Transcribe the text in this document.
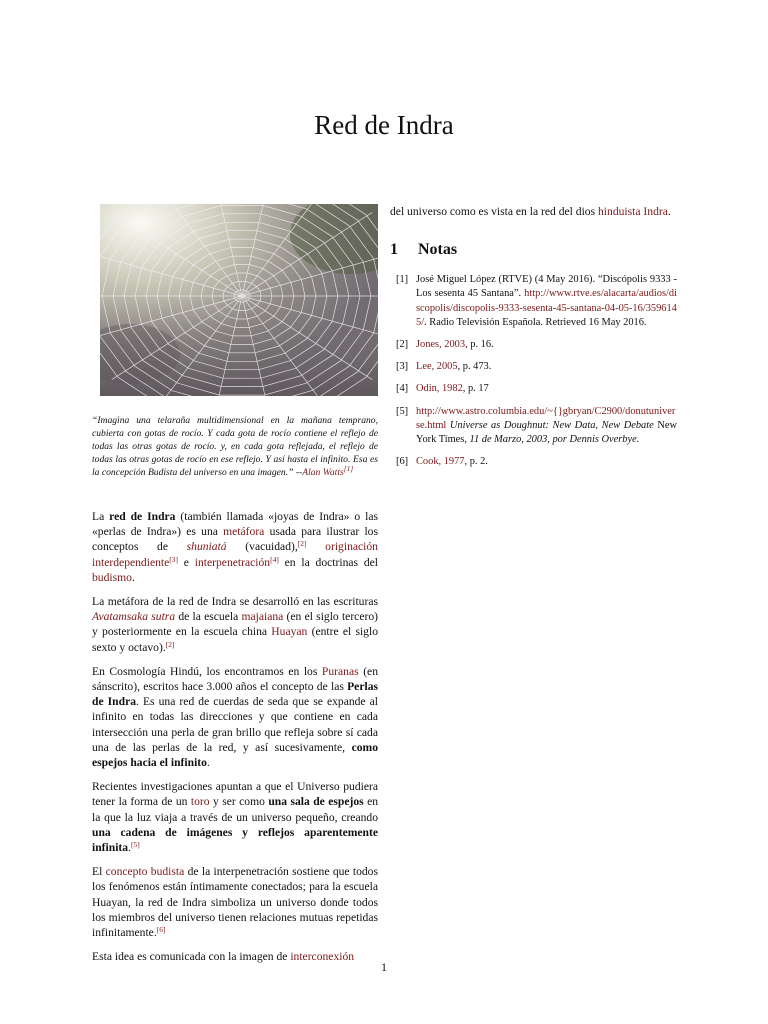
Red de Indra

“Imagina una telaraña multidimensional en la mañana temprano, cubierta con gotas de rocío. Y cada gota de rocío contiene el reflejo de todas las otras gotas de rocío. y, en cada gota reflejada, el reflejo de todas las otras gotas de rocío en ese reflejo. Y así hasta el infinito. Esa es la concepción Budista del universo en una imagen.” --Alan Watts[1]

La red de Indra (también llamada «joyas de Indra» o las «perlas de Indra») es una metáfora usada para ilustrar los conceptos de shuniatá (vacuidad),[2] originación interdependiente[3] e interpenetración[4] en la doctrinas del budismo.

La metáfora de la red de Indra se desarrolló en las escrituras Avatamsaka sutra de la escuela majaiana (en el siglo tercero) y posteriormente en la escuela china Huayan (entre el siglo sexto y octavo).[2]

En Cosmología Hindú, los encontramos en los Puranas (en sánscrito), escritos hace 3.000 años el concepto de las Perlas de Indra. Es una red de cuerdas de seda que se expande al infinito en todas las direcciones y que contiene en cada intersección una perla de gran brillo que refleja sobre sí cada una de las perlas de la red, y así sucesivamente, como espejos hacia el infinito.

Recientes investigaciones apuntan a que el Universo pudiera tener la forma de un toro y ser como una sala de espejos en la que la luz viaja a través de un universo pequeño, creando una cadena de imágenes y reflejos aparentemente infinita.[5]

El concepto budista de la interpenetración sostiene que todos los fenómenos están íntimamente conectados; para la escuela Huayan, la red de Indra simboliza un universo donde todos los miembros del universo tienen relaciones mutuas repetidas infinitamente.[6]

Esta idea es comunicada con la imagen de interconexión

del universo como es vista en la red del dios hinduista Indra.

1 Notas
[1] José Miguel López (RTVE) (4 May 2016). “Discópolis 9333 - Los sesenta 45 Santana”. http://www.rtve.es/alacarta/audios/discopolis/discopolis-9333-sesenta-45-santana-04-05-16/3596145/. Radio Televisión Española. Retrieved 16 May 2016.
[2] Jones, 2003, p. 16.
[3] Lee, 2005, p. 473.
[4] Odin, 1982, p. 17
[5] http://www.astro.columbia.edu/~{}gbryan/C2900/donutuniverse.html Universe as Doughnut: New Data, New Debate New York Times, 11 de Marzo, 2003, por Dennis Overbye.
[6] Cook, 1977, p. 2.
1
